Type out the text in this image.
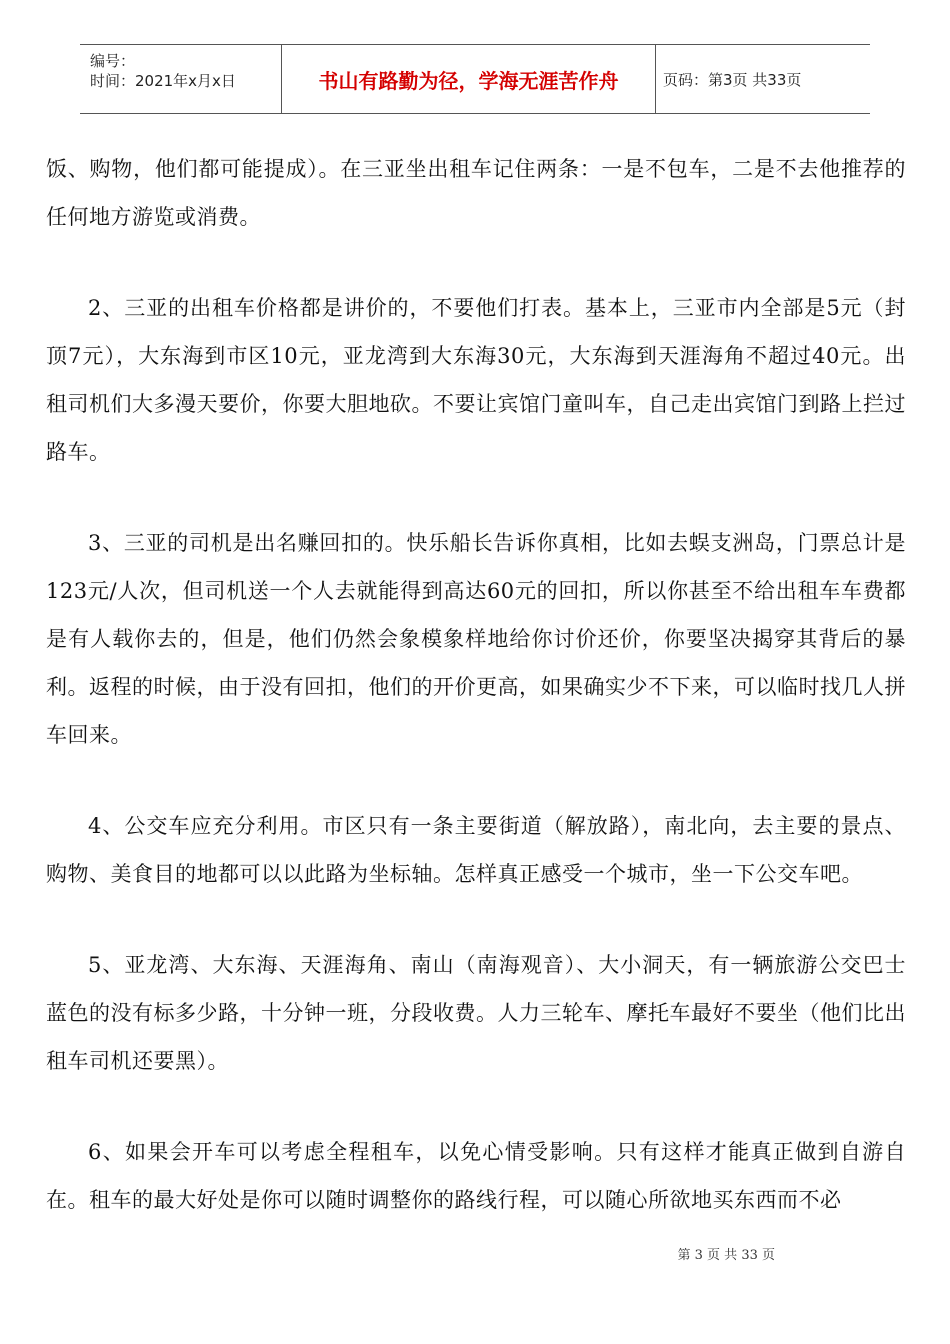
编号：
时间：2021年x月x日	书山有路勤为径，学海无涯苦作舟	页码：第3页 共33页

饭、购物，他们都可能提成）。在三亚坐出租车记住两条：一是不包车，二是不去他推荐的任何地方游览或消费。

2、三亚的出租车价格都是讲价的，不要他们打表。基本上，三亚市内全部是5元（封顶7元），大东海到市区10元，亚龙湾到大东海30元，大东海到天涯海角不超过40元。出租司机们大多漫天要价，你要大胆地砍。不要让宾馆门童叫车，自己走出宾馆门到路上拦过路车。

3、三亚的司机是出名赚回扣的。快乐船长告诉你真相，比如去蜈支洲岛，门票总计是123元/人次，但司机送一个人去就能得到高达60元的回扣，所以你甚至不给出租车车费都是有人载你去的，但是，他们仍然会象模象样地给你讨价还价，你要坚决揭穿其背后的暴利。返程的时候，由于没有回扣，他们的开价更高，如果确实少不下来，可以临时找几人拼车回来。

4、公交车应充分利用。市区只有一条主要街道（解放路），南北向，去主要的景点、购物、美食目的地都可以以此路为坐标轴。怎样真正感受一个城市，坐一下公交车吧。

5、亚龙湾、大东海、天涯海角、南山（南海观音）、大小洞天，有一辆旅游公交巴士蓝色的没有标多少路，十分钟一班，分段收费。人力三轮车、摩托车最好不要坐（他们比出租车司机还要黑）。

6、如果会开车可以考虑全程租车，以免心情受影响。只有这样才能真正做到自游自在。租车的最大好处是你可以随时调整你的路线行程，可以随心所欲地买东西而不必

第 3 页 共 33 页
